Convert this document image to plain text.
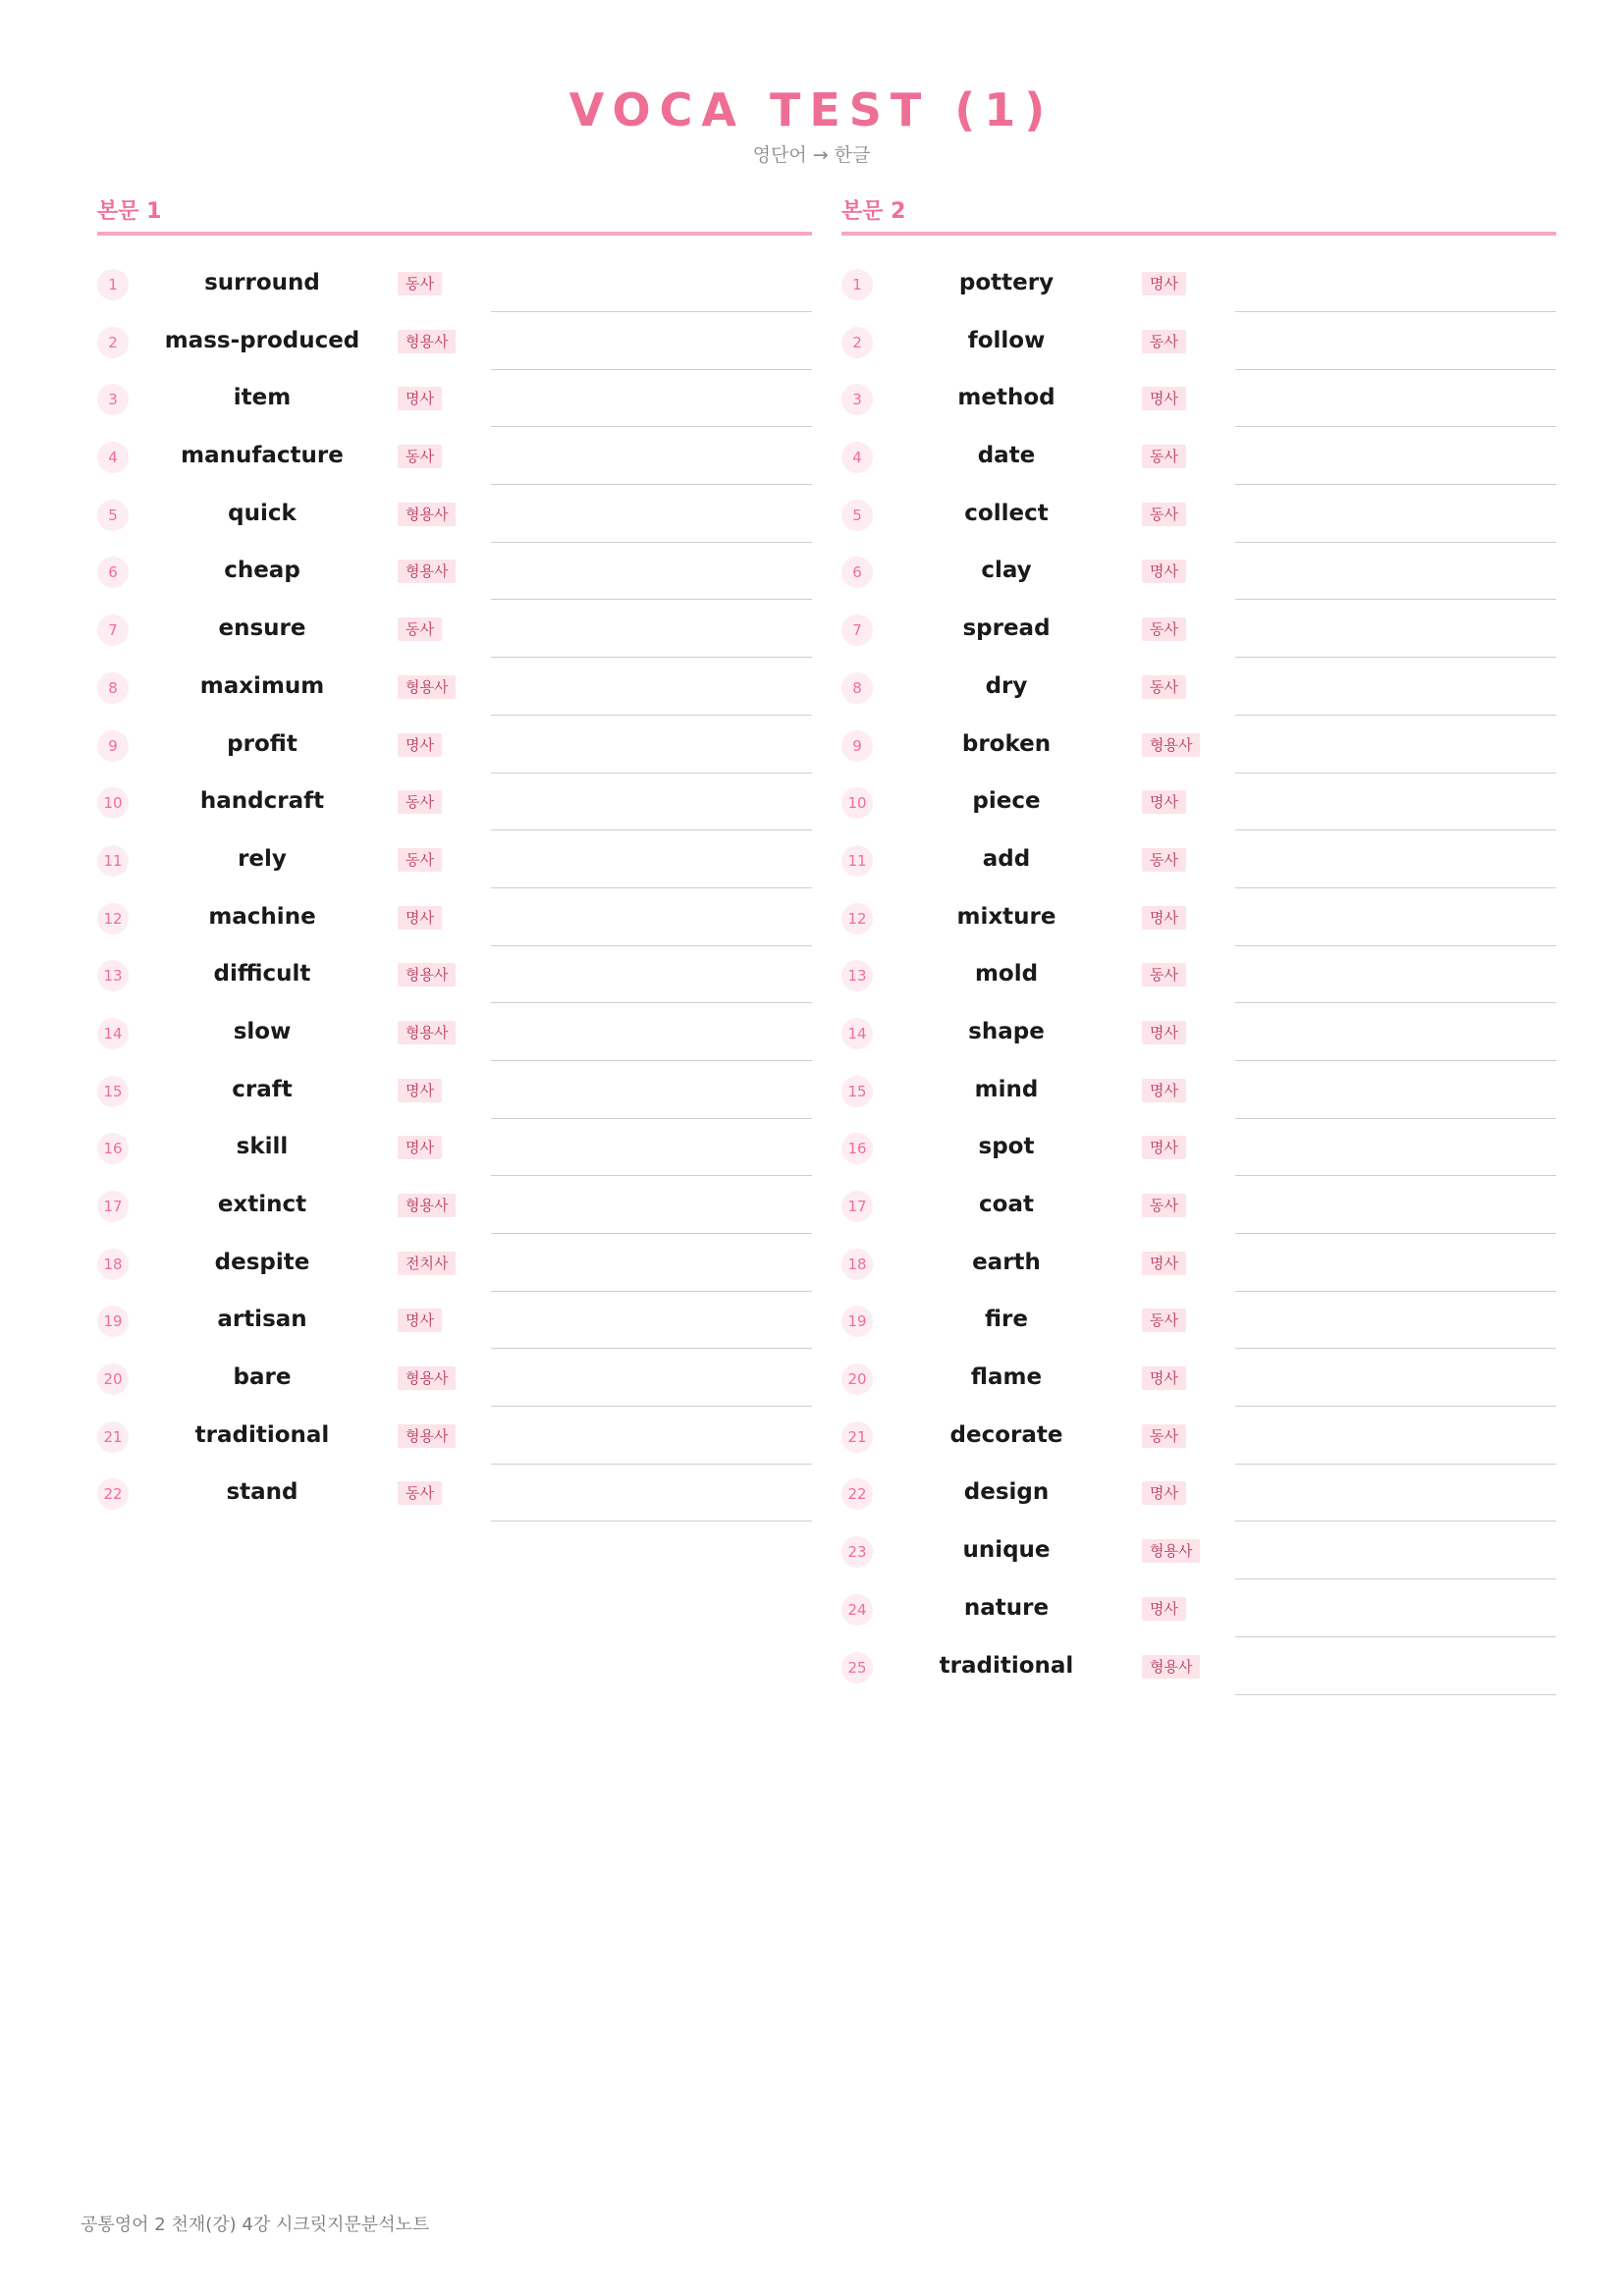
VOCA TEST (1)

영단어 → 한글

본문 1
1	surround	동사
2	mass-produced	형용사
3	item	명사
4	manufacture	동사
5	quick	형용사
6	cheap	형용사
7	ensure	동사
8	maximum	형용사
9	profit	명사
10	handcraft	동사
11	rely	동사
12	machine	명사
13	difficult	형용사
14	slow	형용사
15	craft	명사
16	skill	명사
17	extinct	형용사
18	despite	전치사
19	artisan	명사
20	bare	형용사
21	traditional	형용사
22	stand	동사
본문 2
1	pottery	명사
2	follow	동사
3	method	명사
4	date	동사
5	collect	동사
6	clay	명사
7	spread	동사
8	dry	동사
9	broken	형용사
10	piece	명사
11	add	동사
12	mixture	명사
13	mold	동사
14	shape	명사
15	mind	명사
16	spot	명사
17	coat	동사
18	earth	명사
19	fire	동사
20	flame	명사
21	decorate	동사
22	design	명사
23	unique	형용사
24	nature	명사
25	traditional	형용사
공통영어 2 천재(강) 4강 시크릿지문분석노트
